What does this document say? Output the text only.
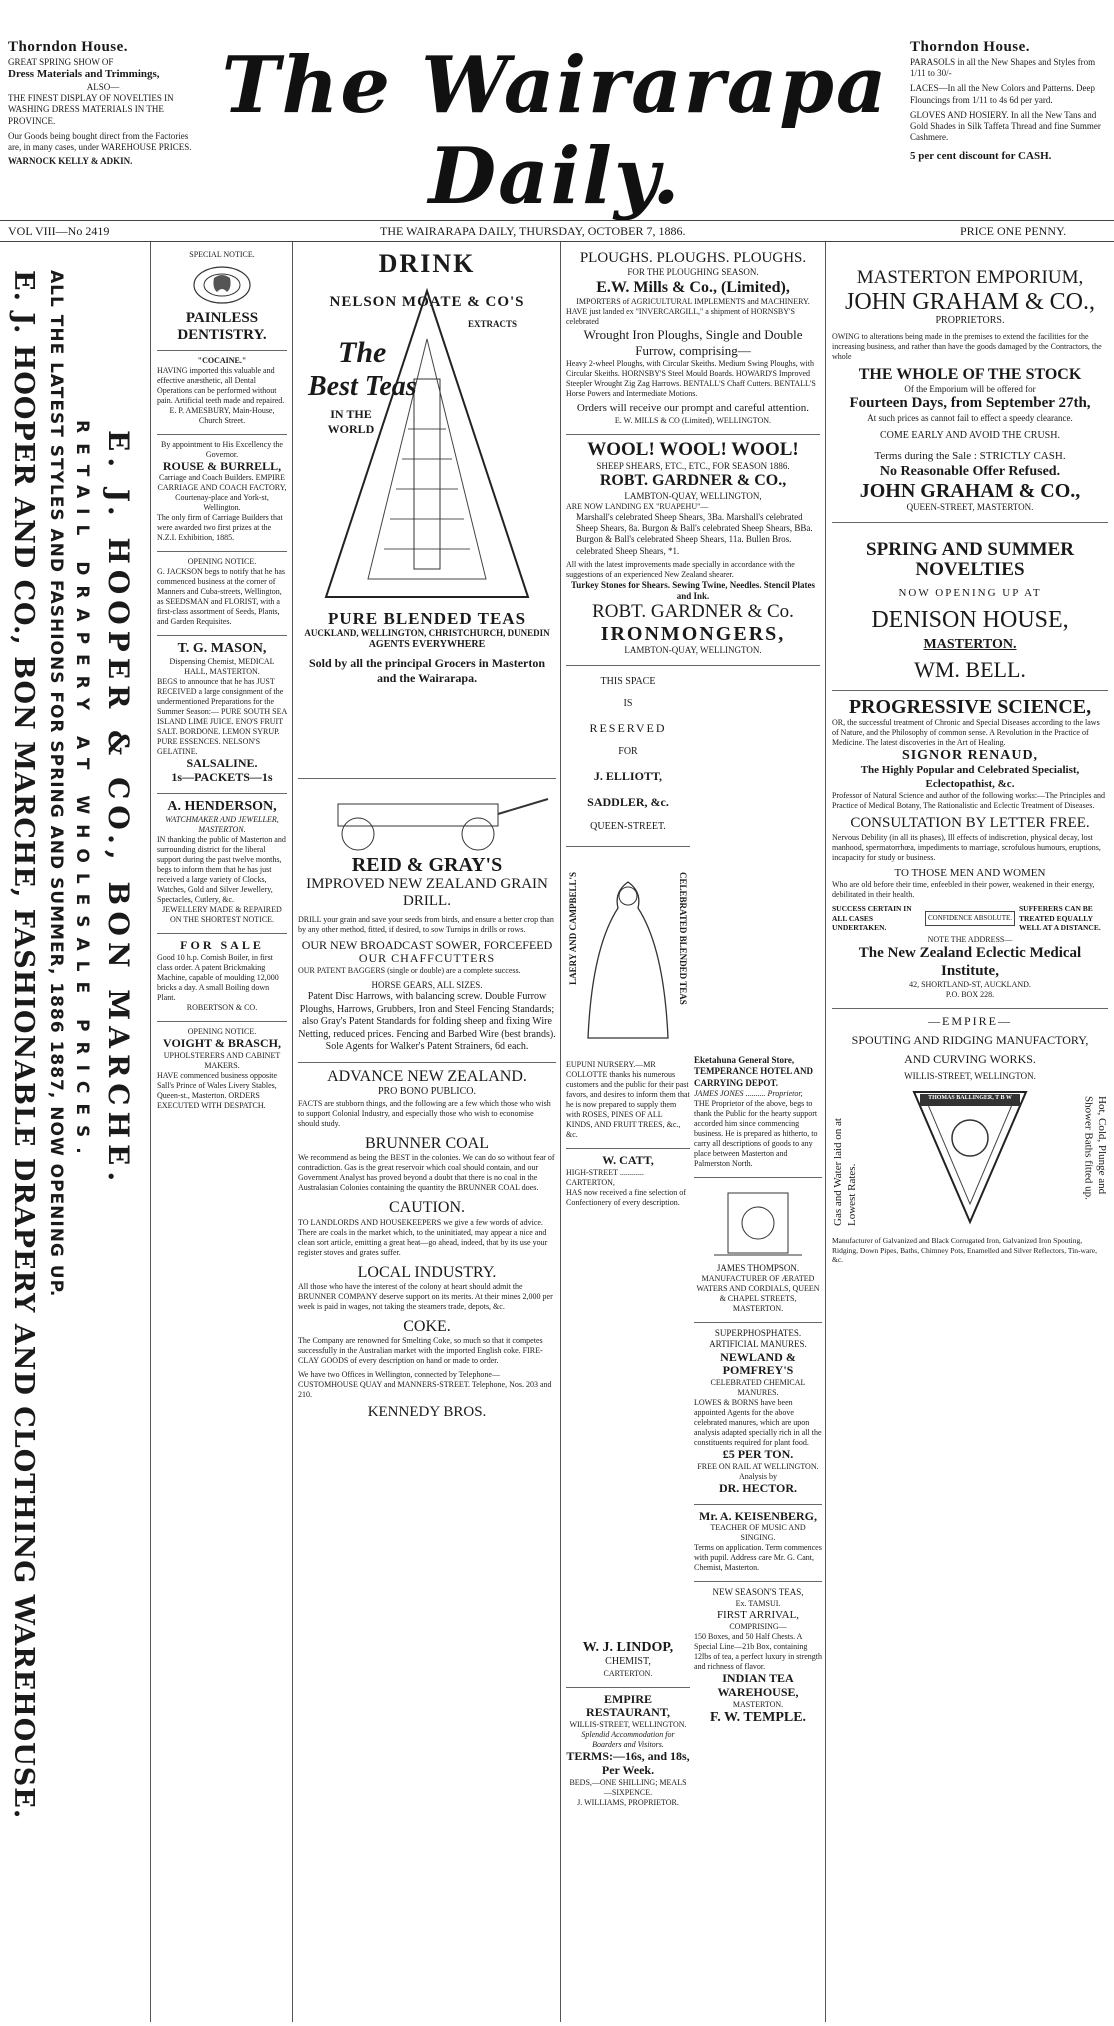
Thorndon House.
GREAT SPRING SHOW OF
Dress Materials and Trimmings,
ALSO—
THE FINEST DISPLAY OF NOVELTIES IN WASHING DRESS MATERIALS IN THE PROVINCE.
Our Goods being bought direct from the Factories are, in many cases, under WAREHOUSE PRICES.
WARNOCK KELLY & ADKIN.
The Wairarapa Daily.
Thorndon House.
PARASOLS in all the New Shapes and Styles from 1/11 to 30/-
LACES—In all the New Colors and Patterns. Deep Flouncings from 1/11 to 4s 6d per yard.
GLOVES AND HOSIERY. In all the New Tans and Gold Shades in Silk Taffeta Thread and fine Summer Cashmere.
5 per cent discount for CASH.
VOL VIII—No 2419	THE WAIRARAPA DAILY, THURSDAY, OCTOBER 7, 1886.	PRICE ONE PENNY.
E. J. HOOPER AND CO., BON MARCHE, FASHIONABLE DRAPERY AND CLOTHING WAREHOUSE. ALL THE LATEST STYLES AND FASHIONS FOR SPRING AND SUMMER, 1886 1887, NOW OPENING UP. RETAIL DRAPERY AT WHOLESALE PRICES. E. J. HOOPER & CO., BON MARCHE.
SPECIAL NOTICE.
PAINLESS DENTISTRY.
"COCAINE."
HAVING imported this valuable and effective anæsthetic, all Dental Operations can be performed without pain. Artificial teeth made and repaired.
E. P. AMESBURY, Main-House, Church Street.
By appointment to His Excellency the Governor.
ROUSE & BURRELL,
Carriage and Coach Builders. EMPIRE CARRIAGE AND COACH FACTORY, Courtenay-place and York-st, Wellington.
The only firm of Carriage Builders that were awarded two first prizes at the N.Z.I. Exhibition, 1885.
OPENING NOTICE.
G. JACKSON begs to notify that he has commenced business at the corner of Manners and Cuba-streets, Wellington, as SEEDSMAN and FLORIST, with a first-class assortment of Seeds, Plants, and Garden Requisites.
T. G. MASON,
Dispensing Chemist, MEDICAL HALL, MASTERTON.
BEGS to announce that he has JUST RECEIVED a large consignment of the undermentioned Preparations for the Summer Season:— PURE SOUTH SEA ISLAND LIME JUICE. ENO'S FRUIT SALT. BORDONE. LEMON SYRUP. PURE ESSENCES. NELSON'S GELATINE.
SALSALINE.
1s—PACKETS—1s
A. HENDERSON,
WATCHMAKER AND JEWELLER, MASTERTON.
IN thanking the public of Masterton and surrounding district for the liberal support during the past twelve months, begs to inform them that he has just received a large variety of Clocks, Watches, Gold and Silver Jewellery, Spectacles, Cutlery, &c.
JEWELLERY MADE & REPAIRED ON THE SHORTEST NOTICE.
FOR SALE
Good 10 h.p. Cornish Boiler, in first class order. A patent Brickmaking Machine, capable of moulding 12,000 bricks a day. A small Boiling down Plant.
ROBERTSON & CO.
OPENING NOTICE.
VOIGHT & BRASCH,
UPHOLSTERERS AND CABINET MAKERS.
HAVE commenced business opposite Sall's Prince of Wales Livery Stables, Queen-st., Masterton. ORDERS EXECUTED WITH DESPATCH.
DRINK
NELSON MOATE & CO'S
EXTRACTS
The
Best Teas
IN THE WORLD
PURE BLENDED TEAS
AUCKLAND, WELLINGTON, CHRISTCHURCH, DUNEDIN
AGENTS EVERYWHERE
Sold by all the principal Grocers in Masterton and the Wairarapa.
REID & GRAY'S
IMPROVED NEW ZEALAND GRAIN DRILL.
DRILL your grain and save your seeds from birds, and ensure a better crop than by any other method, fitted, if desired, to sow Turnips in drills or rows.
OUR NEW BROADCAST SOWER, FORCEFEED
OUR CHAFFCUTTERS
OUR PATENT BAGGERS (single or double) are a complete success.
HORSE GEARS, ALL SIZES.
Patent Disc Harrows, with balancing screw. Double Furrow Ploughs, Harrows, Grubbers, Iron and Steel Fencing Standards; also Gray's Patent Standards for folding sheep and fixing Wire Netting, reduced prices. Fencing and Barbed Wire (best brands).
Sole Agents for Walker's Patent Strainers, 6d each.
ADVANCE NEW ZEALAND.
PRO BONO PUBLICO.
FACTS are stubborn things, and the following are a few which those who wish to support Colonial Industry, and especially those who wish to economise should study.
BRUNNER COAL
We recommend as being the BEST in the colonies. We can do so without fear of contradiction. Gas is the great reservoir which coal should contain, and our Government Analyst has proved beyond a doubt that there is no coal in the Australasian Colonies containing the quantity the BRUNNER COAL does.
CAUTION.
TO LANDLORDS AND HOUSEKEEPERS we give a few words of advice. There are coals in the market which, to the uninitiated, may appear a nice and clean sort article, emitting a great heat—go ahead, indeed, that by its use your register stoves and grates suffer.
LOCAL INDUSTRY.
All those who have the interest of the colony at heart should admit the BRUNNER COMPANY deserve support on its merits. At their mines 2,000 per week is paid in wages, not taking the steamers trade, depots, &c.
COKE.
The Company are renowned for Smelting Coke, so much so that it competes successfully in the Australian market with the imported English coke. FIRE-CLAY GOODS of every description on hand or made to order.
We have two Offices in Wellington, connected by Telephone—CUSTOMHOUSE QUAY and MANNERS-STREET. Telephone, Nos. 203 and 210.
KENNEDY BROS.
PLOUGHS. PLOUGHS. PLOUGHS.
FOR THE PLOUGHING SEASON.
E.W. Mills & Co., (Limited),
IMPORTERS of AGRICULTURAL IMPLEMENTS and MACHINERY.
HAVE just landed ex "INVERCARGILL," a shipment of HORNSBY'S celebrated
Wrought Iron Ploughs, Single and Double Furrow, comprising—
Heavy 2-wheel Ploughs, with Circular Skeiths. Medium Swing Ploughs, with Circular Skeiths. HORNSBY'S Steel Mould Boards. HOWARD'S Improved Steepler Wrought Zig Zag Harrows. BENTALL'S Chaff Cutters. BENTALL'S Horse Powers and Intermediate Motions.
Orders will receive our prompt and careful attention.
E. W. MILLS & CO (Limited), WELLINGTON.
WOOL! WOOL! WOOL!
SHEEP SHEARS, ETC., ETC., FOR SEASON 1886.
ROBT. GARDNER & CO.,
LAMBTON-QUAY, WELLINGTON,
ARE NOW LANDING EX "RUAPEHU"—
Marshall's celebrated Sheep Shears, 3Ba. Marshall's celebrated Sheep Shears, 8a. Burgon & Ball's celebrated Sheep Shears, BBa. Burgon & Ball's celebrated Sheep Shears, 11a. Bullen Bros. celebrated Sheep Shears, *1.
All with the latest improvements made specially in accordance with the suggestions of an experienced New Zealand shearer.
Turkey Stones for Shears. Sewing Twine, Needles. Stencil Plates and Ink.
ROBT. GARDNER & Co.
IRONMONGERS,
LAMBTON-QUAY, WELLINGTON.
THIS SPACE
IS
RESERVED
FOR
J. ELLIOTT,
SADDLER, &c.
QUEEN-STREET.
LAERY AND CAMPBELL'S	CELEBRATED BLENDED TEAS
EUPUNI NURSERY.—MR COLLOTTE thanks his numerous customers and the public for their past favors, and desires to inform them that he is now prepared to supply them with ROSES, PINES OF ALL KINDS, AND FRUIT TREES, &c., &c.
W. CATT,
HIGH-STREET ............ CARTERTON,
HAS now received a fine selection of Confectionery of every description.
Eketahuna General Store, TEMPERANCE HOTEL AND CARRYING DEPOT.
JAMES JONES .......... Proprietor,
THE Proprietor of the above, begs to thank the Public for the hearty support accorded him since commencing business. He is prepared as hitherto, to carry all descriptions of goods to any place between Masterton and Palmerston North.
JAMES THOMPSON.
MANUFACTURER OF ÆRATED WATERS AND CORDIALS, QUEEN & CHAPEL STREETS, MASTERTON.
SUPERPHOSPHATES.
ARTIFICIAL MANURES.
NEWLAND & POMFREY'S
CELEBRATED CHEMICAL MANURES.
LOWES & BORNS have been appointed Agents for the above celebrated manures, which are upon analysis adapted specially rich in all the constituents required for plant food.
£5 PER TON.
FREE ON RAIL AT WELLINGTON.
Analysis by
DR. HECTOR.
Mr. A. KEISENBERG,
TEACHER OF MUSIC AND SINGING.
Terms on application. Term commences with pupil. Address care Mr. G. Cant, Chemist, Masterton.
NEW SEASON'S TEAS,
Ex. TAMSUI.
FIRST ARRIVAL,
COMPRISING—
150 Boxes, and 50 Half Chests. A Special Line—21b Box, containing 12lbs of tea, a perfect luxury in strength and richness of flavor.
INDIAN TEA WAREHOUSE,
MASTERTON.
F. W. TEMPLE.
W. J. LINDOP,
CHEMIST,
CARTERTON.
EMPIRE RESTAURANT,
WILLIS-STREET, WELLINGTON.
Splendid Accommodation for Boarders and Visitors.
TERMS:—16s, and 18s, Per Week.
BEDS,—ONE SHILLING; MEALS—SIXPENCE.
J. WILLIAMS, PROPRIETOR.
MASTERTON EMPORIUM,
JOHN GRAHAM & CO.,
PROPRIETORS.
OWING to alterations being made in the premises to extend the facilities for the increasing business, and rather than have the goods damaged by the Contractors, the whole
THE WHOLE OF THE STOCK
Of the Emporium will be offered for
Fourteen Days, from September 27th,
At such prices as cannot fail to effect a speedy clearance.
COME EARLY AND AVOID THE CRUSH.
Terms during the Sale : STRICTLY CASH.
No Reasonable Offer Refused.
JOHN GRAHAM & CO.,
QUEEN-STREET, MASTERTON.
SPRING AND SUMMER NOVELTIES
NOW OPENING UP AT
DENISON HOUSE,
MASTERTON.
WM. BELL.
PROGRESSIVE SCIENCE,
OR, the successful treatment of Chronic and Special Diseases according to the laws of Nature, and the Philosophy of common sense. A Revolution in the Practice of Medicine. The latest discoveries in the Art of Healing.
SIGNOR RENAUD,
The Highly Popular and Celebrated Specialist, Eclectopathist, &c.
Professor of Natural Science and author of the following works:—The Principles and Practice of Medical Botany, The Rationalistic and Eclectic Treatment of Diseases.
CONSULTATION BY LETTER FREE.
Nervous Debility (in all its phases), Ill effects of indiscretion, physical decay, lost manhood, spermatorrhœa, impediments to marriage, scrofulous humours, eruptions, incapacity for study or business.
TO THOSE MEN AND WOMEN
Who are old before their time, enfeebled in their power, weakened in their energy, debilitated in their health.
SUCCESS CERTAIN IN ALL CASES UNDERTAKEN.
CONFIDENCE ABSOLUTE.
SUFFERERS CAN BE TREATED EQUALLY WELL AT A DISTANCE.
NOTE THE ADDRESS—
The New Zealand Eclectic Medical Institute,
42, SHORTLAND-ST, AUCKLAND.
P.O. BOX 228.
—EMPIRE—
SPOUTING AND RIDGING MANUFACTORY,
AND CURVING WORKS.
WILLIS-STREET, WELLINGTON.
Gas and Water laid on at Lowest Rates.
THOMAS BALLINGER, T B W	Hot, Cold, Plunge and Shower Baths fitted up.
Manufacturer of Galvanized and Black Corrugated Iron, Galvanized Iron Spouting, Ridging, Down Pipes, Baths, Chimney Pots, Enamelled and Silver Reflectors, Tin-ware, &c.
